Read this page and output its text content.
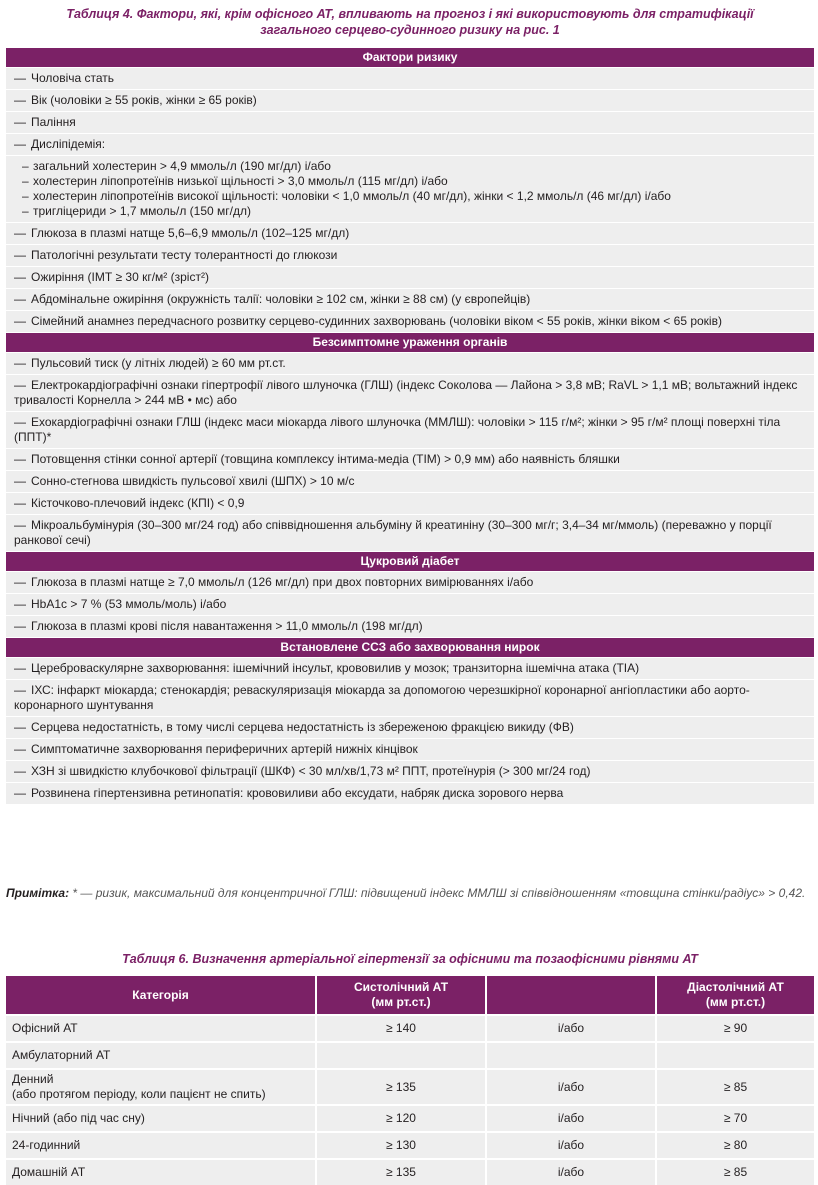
Таблиця 4. Фактори, які, крім офісного АТ, впливають на прогноз і які використовують для стратифікації
загального серцево-судинного ризику на рис. 1
Фактори ризику
— Чоловіча стать
— Вік (чоловіки ≥ 55 років, жінки ≥ 65 років)
— Паління
— Дисліпідемія:

– загальний холестерин > 4,9 ммоль/л (190 мг/дл) і/або
– холестерин ліпопротеїнів низької щільності > 3,0 ммоль/л (115 мг/дл) і/або
– холестерин ліпопротеїнів високої щільності: чоловіки < 1,0 ммоль/л (40 мг/дл), жінки < 1,2 ммоль/л (46 мг/дл) і/або
– тригліцериди > 1,7 ммоль/л (150 мг/дл)

— Глюкоза в плазмі натще 5,6–6,9 ммоль/л (102–125 мг/дл)
— Патологічні результати тесту толерантності до глюкози
— Ожиріння (ІМТ ≥ 30 кг/м² (зріст²)
— Абдомінальне ожиріння (окружність талії: чоловіки ≥ 102 см, жінки ≥ 88 см) (у європейців)
— Сімейний анамнез передчасного розвитку серцево-судинних захворювань (чоловіки віком < 55 років, жінки віком < 65 років)
Безсимптомне ураження органів
— Пульсовий тиск (у літніх людей) ≥ 60 мм рт.ст.
— Електрокардіографічні ознаки гіпертрофії лівого шлуночка (ГЛШ) (індекс Соколова — Лайона > 3,8 мВ; RaVL > 1,1 мВ; вольтажний індекс тривалості Корнелла > 244 мВ • мс) або
— Ехокардіографічні ознаки ГЛШ (індекс маси міокарда лівого шлуночка (ММЛШ): чоловіки > 115 г/м²; жінки > 95 г/м² площі поверхні тіла (ППТ)*
— Потовщення стінки сонної артерії (товщина комплексу інтима-медіа (ТІМ) > 0,9 мм) або наявність бляшки
— Сонно-стегнова швидкість пульсової хвилі (ШПХ) > 10 м/с
— Кісточково-плечовий індекс (КПІ) < 0,9
— Мікроальбумінурія (30–300 мг/24 год) або співвідношення альбуміну й креатиніну (30–300 мг/г; 3,4–34 мг/ммоль) (переважно у порції ранкової сечі)
Цукровий діабет
— Глюкоза в плазмі натще ≥ 7,0 ммоль/л (126 мг/дл) при двох повторних вимірюваннях і/або
— HbA1c > 7 % (53 ммоль/моль) і/або
— Глюкоза в плазмі крові після навантаження > 11,0 ммоль/л (198 мг/дл)
Встановлене ССЗ або захворювання нирок
— Цереброваскулярне захворювання: ішемічний інсульт, крововилив у мозок; транзиторна ішемічна атака (ТІА)
— ІХС: інфаркт міокарда; стенокардія; реваскуляризація міокарда за допомогою черезшкірної коронарної ангіопластики або аорто-коронарного шунтування
— Серцева недостатність, в тому числі серцева недостатність із збереженою фракцією викиду (ФВ)
— Симптоматичне захворювання периферичних артерій нижніх кінцівок
— ХЗН зі швидкістю клубочкової фільтрації (ШКФ) < 30 мл/хв/1,73 м² ППТ, протеїнурія (> 300 мг/24 год)
— Розвинена гіпертензивна ретинопатія: крововиливи або ексудати, набряк диска зорового нерва
Примітка: * — ризик, максимальний для концентричної ГЛШ: підвищений індекс ММЛШ зі співвідношенням «товщина стінки/радіус» > 0,42.
Таблиця 6. Визначення артеріальної гіпертензії за офісними та позаофісними рівнями АТ
Категорія	Систолічний АТ
(мм рт.ст.)		Діастолічний АТ
(мм рт.ст.)
Офісний АТ	≥ 140	і/або	≥ 90
Амбулаторний АТ			
Денний
(або протягом періоду, коли пацієнт не спить)	≥ 135	і/або	≥ 85
Нічний (або під час сну)	≥ 120	і/або	≥ 70
24-годинний	≥ 130	і/або	≥ 80
Домашній АТ	≥ 135	і/або	≥ 85
